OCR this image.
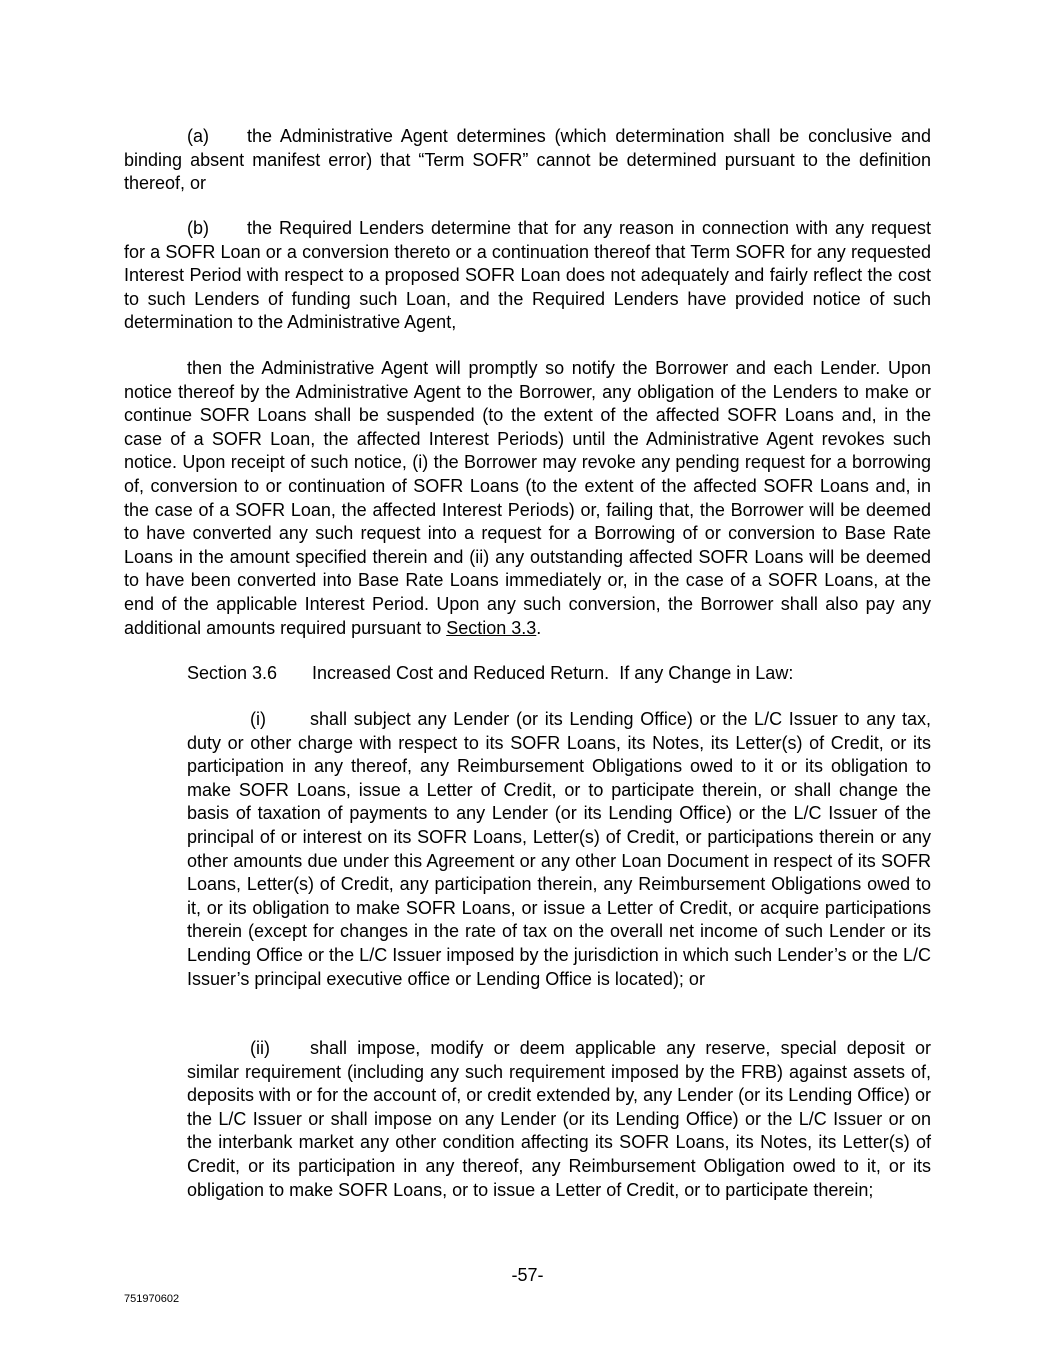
(a) the Administrative Agent determines (which determination shall be conclusive and binding absent manifest error) that “Term SOFR” cannot be determined pursuant to the definition thereof, or

(b) the Required Lenders determine that for any reason in connection with any request for a SOFR Loan or a conversion thereto or a continuation thereof that Term SOFR for any requested Interest Period with respect to a proposed SOFR Loan does not adequately and fairly reflect the cost to such Lenders of funding such Loan, and the Required Lenders have provided notice of such determination to the Administrative Agent,

then the Administrative Agent will promptly so notify the Borrower and each Lender. Upon notice thereof by the Administrative Agent to the Borrower, any obligation of the Lenders to make or continue SOFR Loans shall be suspended (to the extent of the affected SOFR Loans and, in the case of a SOFR Loan, the affected Interest Periods) until the Administrative Agent revokes such notice. Upon receipt of such notice, (i) the Borrower may revoke any pending request for a borrowing of, conversion to or continuation of SOFR Loans (to the extent of the affected SOFR Loans and, in the case of a SOFR Loan, the affected Interest Periods) or, failing that, the Borrower will be deemed to have converted any such request into a request for a Borrowing of or conversion to Base Rate Loans in the amount specified therein and (ii) any outstanding affected SOFR Loans will be deemed to have been converted into Base Rate Loans immediately or, in the case of a SOFR Loans, at the end of the applicable Interest Period. Upon any such conversion, the Borrower shall also pay any additional amounts required pursuant to Section 3.3.

Section 3.6 Increased Cost and Reduced Return. If any Change in Law:

(i) shall subject any Lender (or its Lending Office) or the L/C Issuer to any tax, duty or other charge with respect to its SOFR Loans, its Notes, its Letter(s) of Credit, or its participation in any thereof, any Reimbursement Obligations owed to it or its obligation to make SOFR Loans, issue a Letter of Credit, or to participate therein, or shall change the basis of taxation of payments to any Lender (or its Lending Office) or the L/C Issuer of the principal of or interest on its SOFR Loans, Letter(s) of Credit, or participations therein or any other amounts due under this Agreement or any other Loan Document in respect of its SOFR Loans, Letter(s) of Credit, any participation therein, any Reimbursement Obligations owed to it, or its obligation to make SOFR Loans, or issue a Letter of Credit, or acquire participations therein (except for changes in the rate of tax on the overall net income of such Lender or its Lending Office or the L/C Issuer imposed by the jurisdiction in which such Lender’s or the L/C Issuer’s principal executive office or Lending Office is located); or

(ii) shall impose, modify or deem applicable any reserve, special deposit or similar requirement (including any such requirement imposed by the FRB) against assets of, deposits with or for the account of, or credit extended by, any Lender (or its Lending Office) or the L/C Issuer or shall impose on any Lender (or its Lending Office) or the L/C Issuer or on the interbank market any other condition affecting its SOFR Loans, its Notes, its Letter(s) of Credit, or its participation in any thereof, any Reimbursement Obligation owed to it, or its obligation to make SOFR Loans, or to issue a Letter of Credit, or to participate therein;

-57-
751970602
